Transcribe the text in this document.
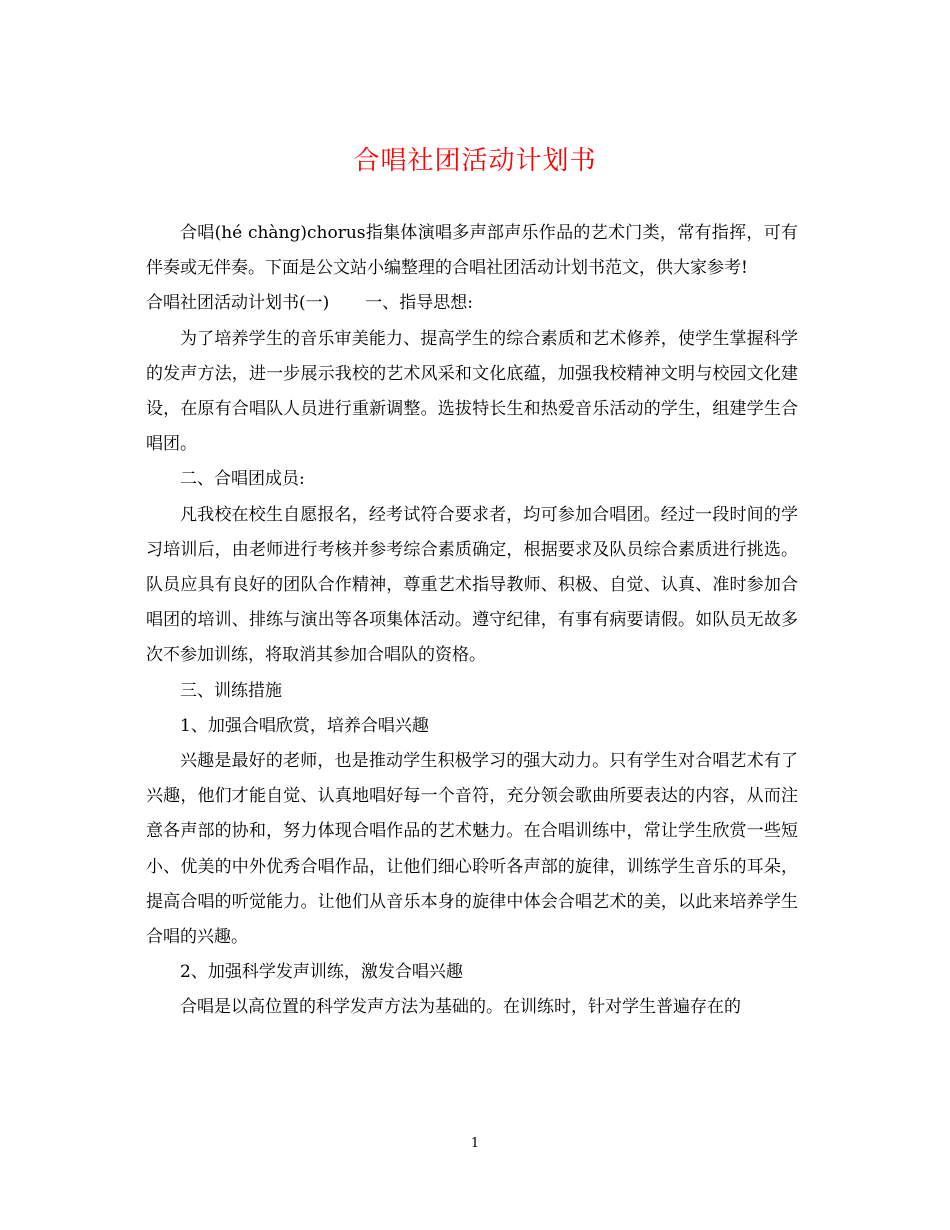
合唱社团活动计划书

合唱(hé chàng)chorus指集体演唱多声部声乐作品的艺术门类，常有指挥，可有伴奏或无伴奏。下面是公文站小编整理的合唱社团活动计划书范文，供大家参考!

合唱社团活动计划书(一) 一、指导思想:

为了培养学生的音乐审美能力、提高学生的综合素质和艺术修养，使学生掌握科学的发声方法，进一步展示我校的艺术风采和文化底蕴，加强我校精神文明与校园文化建设，在原有合唱队人员进行重新调整。选拔特长生和热爱音乐活动的学生，组建学生合唱团。

二、合唱团成员:

凡我校在校生自愿报名，经考试符合要求者，均可参加合唱团。经过一段时间的学习培训后，由老师进行考核并参考综合素质确定，根据要求及队员综合素质进行挑选。队员应具有良好的团队合作精神，尊重艺术指导教师、积极、自觉、认真、准时参加合唱团的培训、排练与演出等各项集体活动。遵守纪律，有事有病要请假。如队员无故多次不参加训练，将取消其参加合唱队的资格。

三、训练措施

1、加强合唱欣赏，培养合唱兴趣

兴趣是最好的老师，也是推动学生积极学习的强大动力。只有学生对合唱艺术有了兴趣，他们才能自觉、认真地唱好每一个音符，充分领会歌曲所要表达的内容，从而注意各声部的协和，努力体现合唱作品的艺术魅力。在合唱训练中，常让学生欣赏一些短小、优美的中外优秀合唱作品，让他们细心聆听各声部的旋律，训练学生音乐的耳朵，提高合唱的听觉能力。让他们从音乐本身的旋律中体会合唱艺术的美，以此来培养学生合唱的兴趣。

2、加强科学发声训练，激发合唱兴趣

合唱是以高位置的科学发声方法为基础的。在训练时，针对学生普遍存在的

1
